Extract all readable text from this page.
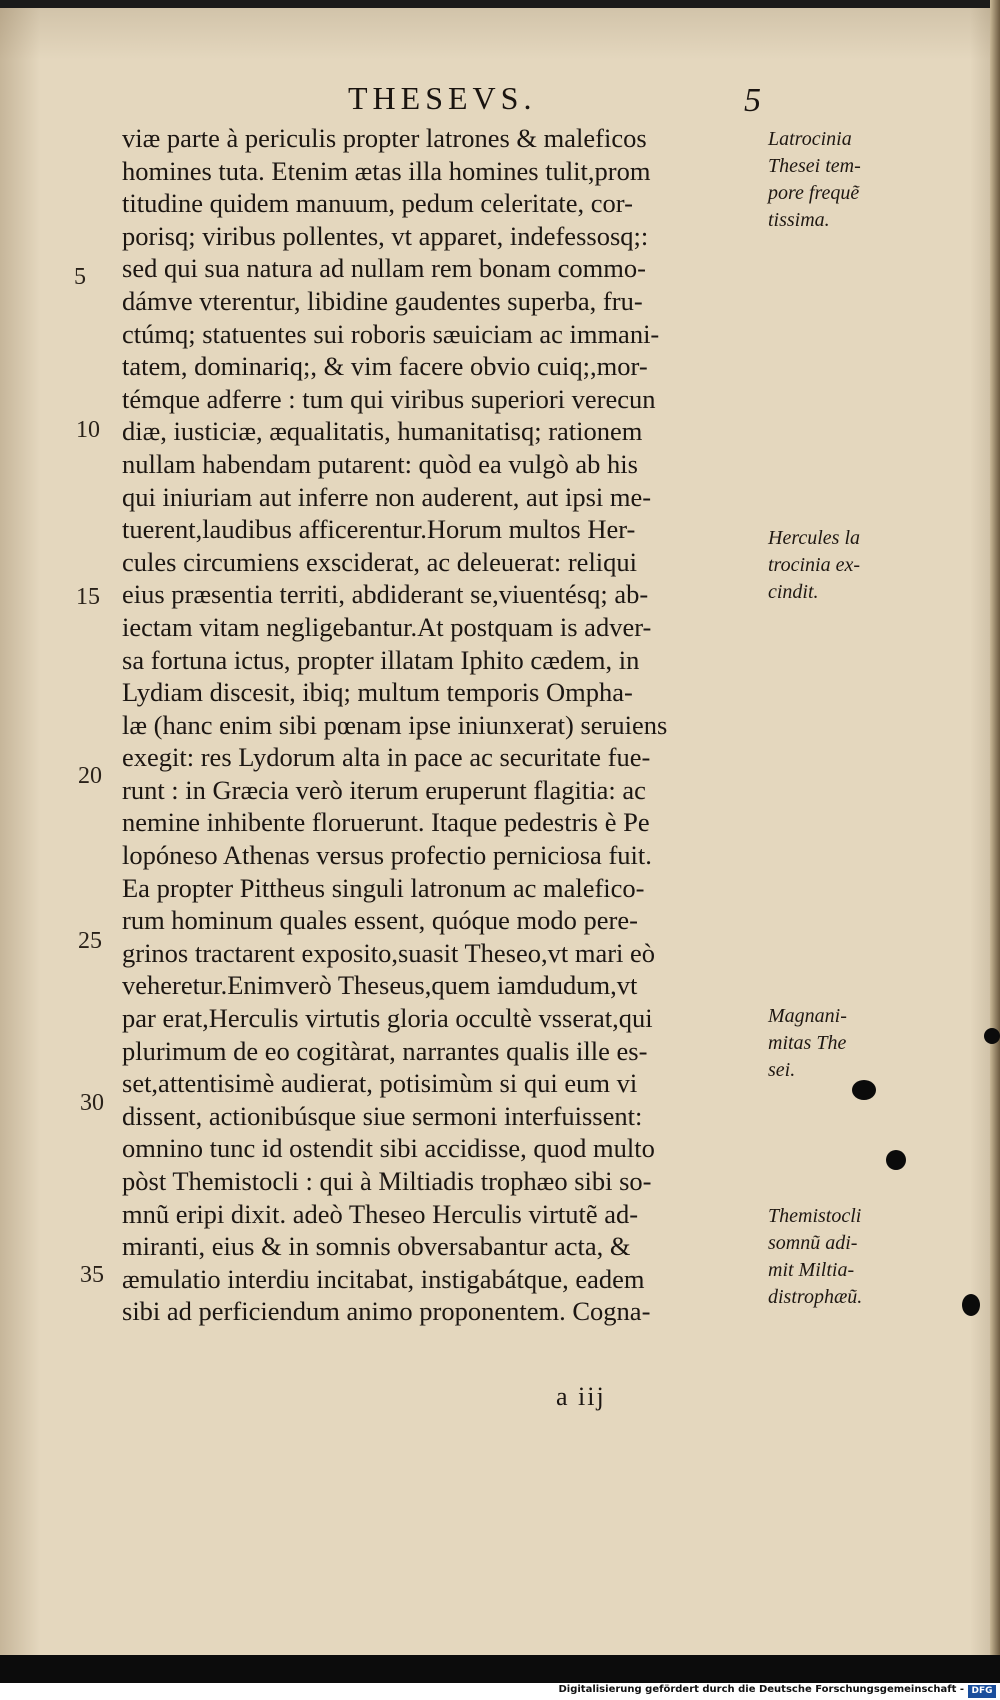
THESEVS.	5
viæ parte à periculis propter latrones & maleficos
homines tuta. Etenim ætas illa homines tulit,prom
titudine quidem manuum, pedum celeritate, cor-
porisq; viribus pollentes, vt apparet, indefessosq;:
sed qui sua natura ad nullam rem bonam commo-
dámve vterentur, libidine gaudentes superba, fru-
ctúmq; statuentes sui roboris sæuiciam ac immani-
tatem, dominariq;, & vim facere obvio cuiq;,mor-
témque adferre : tum qui viribus superiori verecun
diæ, iusticiæ, æqualitatis, humanitatisq; rationem
nullam habendam putarent: quòd ea vulgò ab his
qui iniuriam aut inferre non auderent, aut ipsi me-
tuerent,laudibus afficerentur.Horum multos Her-
cules circumiens exsciderat, ac deleuerat: reliqui
eius præsentia territi, abdiderant se,viuentésq; ab-
iectam vitam negligebantur.At postquam is adver-
sa fortuna ictus, propter illatam Iphito cædem, in
Lydiam discesit, ibiq; multum temporis Ompha-
læ (hanc enim sibi pœnam ipse iniunxerat) seruiens
exegit: res Lydorum alta in pace ac securitate fue-
runt : in Græcia verò iterum eruperunt flagitia: ac
nemine inhibente floruerunt. Itaque pedestris è Pe
lopóneso Athenas versus profectio perniciosa fuit.
Ea propter Pittheus singuli latronum ac malefico-
rum hominum quales essent, quóque modo pere-
grinos tractarent exposito,suasit Theseo,vt mari eò
veheretur.Enimverò Theseus,quem iamdudum,vt
par erat,Herculis virtutis gloria occultè vsserat,qui
plurimum de eo cogitàrat, narrantes qualis ille es-
set,attentisimè audierat, potisimùm si qui eum vi
dissent, actionibúsque siue sermoni interfuissent:
omnino tunc id ostendit sibi accidisse, quod multo
pòst Themistocli : qui à Miltiadis trophæo sibi so-
mnũ eripi dixit. adeò Theseo Herculis virtutẽ ad-
miranti, eius & in somnis obversabantur acta, &
æmulatio interdiu incitabat, instigabátque, eadem
sibi ad perficiendum animo proponentem. Cogna-
5
10
15
20
25
30
35
Latrocinia
Thesei tem-
pore frequẽ
tissima.
Hercules la
trocinia ex-
cindit.
Magnani-
mitas The
sei.
Themistocli
somnũ adi-
mit Miltia-
distrophæũ.
a iij
Digitalisierung gefördert durch die Deutsche Forschungsgemeinschaft - DFG
